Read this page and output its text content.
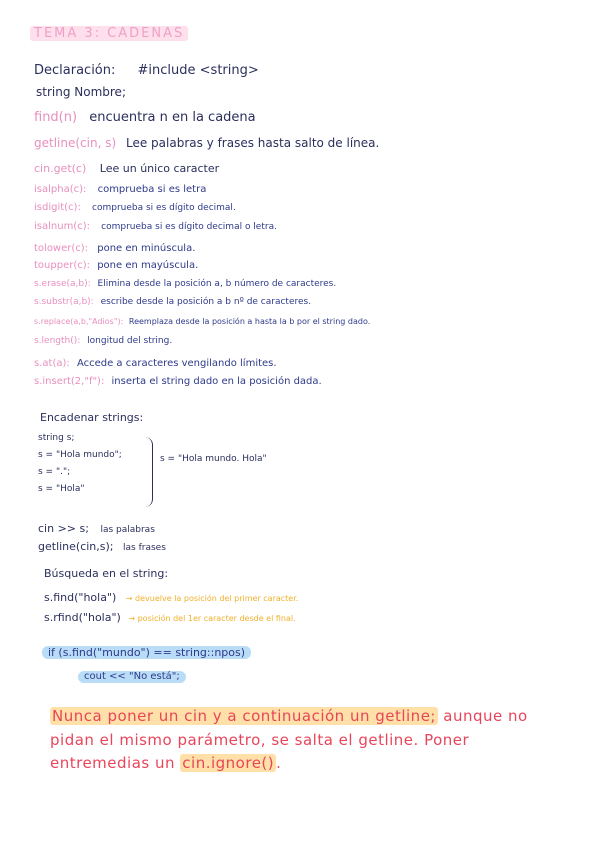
TEMA 3: CADENAS
Declaración: #include <string>
string Nombre;
find(n) encuentra n en la cadena
getline(cin, s) Lee palabras y frases hasta salto de línea.
cin.get(c) Lee un único caracter
isalpha(c): comprueba si es letra
isdigit(c): comprueba si es dígito decimal.
isalnum(c): comprueba si es dígito decimal o letra.
tolower(c): pone en minúscula.
toupper(c): pone en mayúscula.
s.erase(a,b): Elimina desde la posición a, b número de caracteres.
s.substr(a,b): escribe desde la posición a b nº de caracteres.
s.replace(a,b,"Adios"): Reemplaza desde la posición a hasta la b por el string dado.
s.length(): longitud del string.
s.at(a): Accede a caracteres vengilando límites.
s.insert(2,"f"): inserta el string dado en la posición dada.
Encadenar strings:
string s;
s = "Hola mundo";
s = ".";
s = "Hola"
s = "Hola mundo. Hola"
cin >> s; las palabras
getline(cin,s); las frases
Búsqueda en el string:
s.find("hola") → devuelve la posición del primer caracter.
s.rfind("hola") → posición del 1er caracter desde el final.
if (s.find("mundo") == string::npos)
cout << "No está";
Nunca poner un cin y a continuación un getline; aunque no
pidan el mismo parámetro, se salta el getline. Poner
entremedias un cin.ignore() .
